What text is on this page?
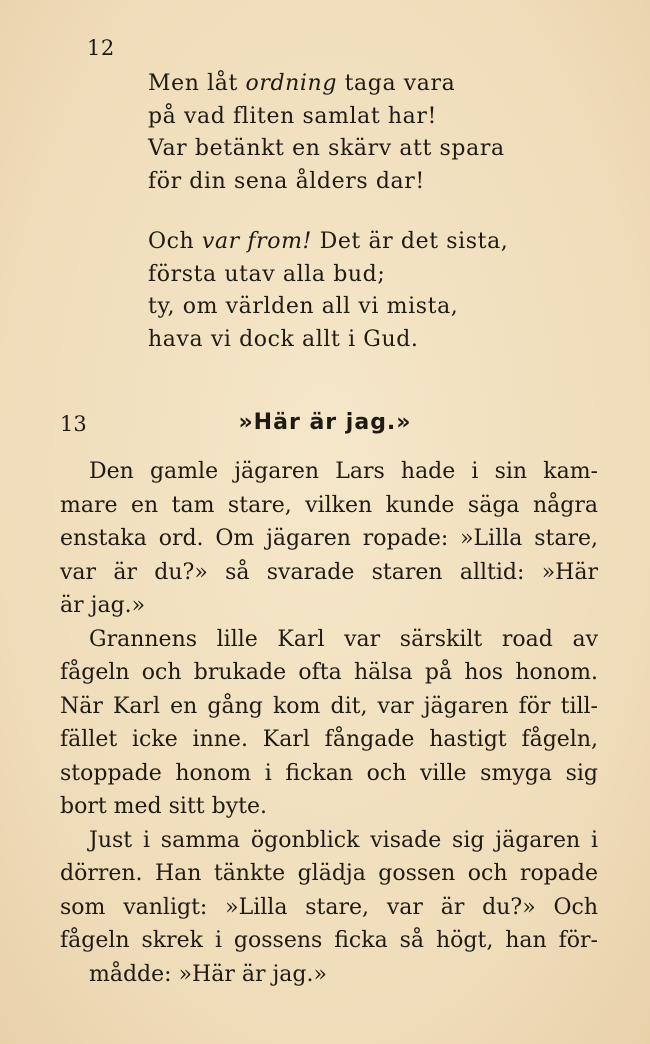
12
Men låt ordning taga vara
på vad fliten samlat har!
Var betänkt en skärv att spara
för din sena ålders dar!
Och var from! Det är det sista,
första utav alla bud;
ty, om världen all vi mista,
hava vi dock allt i Gud.
13	»Här är jag.»

Den gamle jägaren Lars hade i sin kam-
mare en tam stare, vilken kunde säga några
enstaka ord. Om jägaren ropade: »Lilla stare,
var är du?» så svarade staren alltid: »Här
är jag.»

Grannens lille Karl var särskilt road av
fågeln och brukade ofta hälsa på hos honom.
När Karl en gång kom dit, var jägaren för till-
fället icke inne. Karl fångade hastigt fågeln,
stoppade honom i fickan och ville smyga sig
bort med sitt byte.

Just i samma ögonblick visade sig jägaren i
dörren. Han tänkte glädja gossen och ropade
som vanligt: »Lilla stare, var är du?» Och
fågeln skrek i gossens ficka så högt, han för-
mådde: »Här är jag.»
